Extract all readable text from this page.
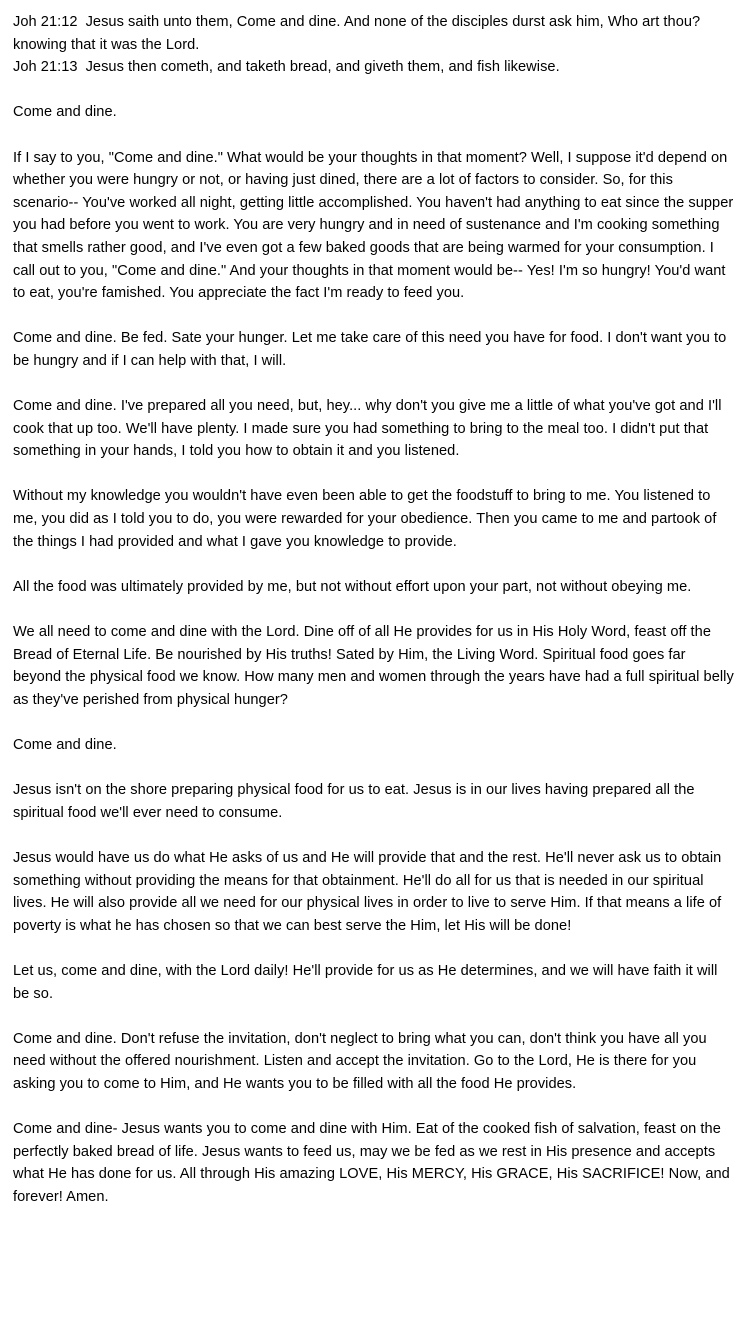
Joh 21:12 Jesus saith unto them, Come and dine. And none of the disciples durst ask him, Who art thou? knowing that it was the Lord.

Joh 21:13 Jesus then cometh, and taketh bread, and giveth them, and fish likewise.

Come and dine.

If I say to you, "Come and dine." What would be your thoughts in that moment? Well, I suppose it'd depend on whether you were hungry or not, or having just dined, there are a lot of factors to consider. So, for this scenario-- You've worked all night, getting little accomplished. You haven't had anything to eat since the supper you had before you went to work. You are very hungry and in need of sustenance and I'm cooking something that smells rather good, and I've even got a few baked goods that are being warmed for your consumption. I call out to you, "Come and dine." And your thoughts in that moment would be-- Yes! I'm so hungry! You'd want to eat, you're famished. You appreciate the fact I'm ready to feed you.

Come and dine. Be fed. Sate your hunger. Let me take care of this need you have for food. I don't want you to be hungry and if I can help with that, I will.

Come and dine. I've prepared all you need, but, hey... why don't you give me a little of what you've got and I'll cook that up too. We'll have plenty. I made sure you had something to bring to the meal too. I didn't put that something in your hands, I told you how to obtain it and you listened.

Without my knowledge you wouldn't have even been able to get the foodstuff to bring to me. You listened to me, you did as I told you to do, you were rewarded for your obedience. Then you came to me and partook of the things I had provided and what I gave you knowledge to provide.

All the food was ultimately provided by me, but not without effort upon your part, not without obeying me.

We all need to come and dine with the Lord. Dine off of all He provides for us in His Holy Word, feast off the Bread of Eternal Life. Be nourished by His truths! Sated by Him, the Living Word. Spiritual food goes far beyond the physical food we know. How many men and women through the years have had a full spiritual belly as they've perished from physical hunger?

Come and dine.

Jesus isn't on the shore preparing physical food for us to eat. Jesus is in our lives having prepared all the spiritual food we'll ever need to consume.

Jesus would have us do what He asks of us and He will provide that and the rest. He'll never ask us to obtain something without providing the means for that obtainment. He'll do all for us that is needed in our spiritual lives. He will also provide all we need for our physical lives in order to live to serve Him. If that means a life of poverty is what he has chosen so that we can best serve the Him, let His will be done!

Let us, come and dine, with the Lord daily! He'll provide for us as He determines, and we will have faith it will be so.

Come and dine. Don't refuse the invitation, don't neglect to bring what you can, don't think you have all you need without the offered nourishment. Listen and accept the invitation. Go to the Lord, He is there for you asking you to come to Him, and He wants you to be filled with all the food He provides.

Come and dine- Jesus wants you to come and dine with Him. Eat of the cooked fish of salvation, feast on the perfectly baked bread of life. Jesus wants to feed us, may we be fed as we rest in His presence and accepts what He has done for us. All through His amazing LOVE, His MERCY, His GRACE, His SACRIFICE! Now, and forever! Amen.
